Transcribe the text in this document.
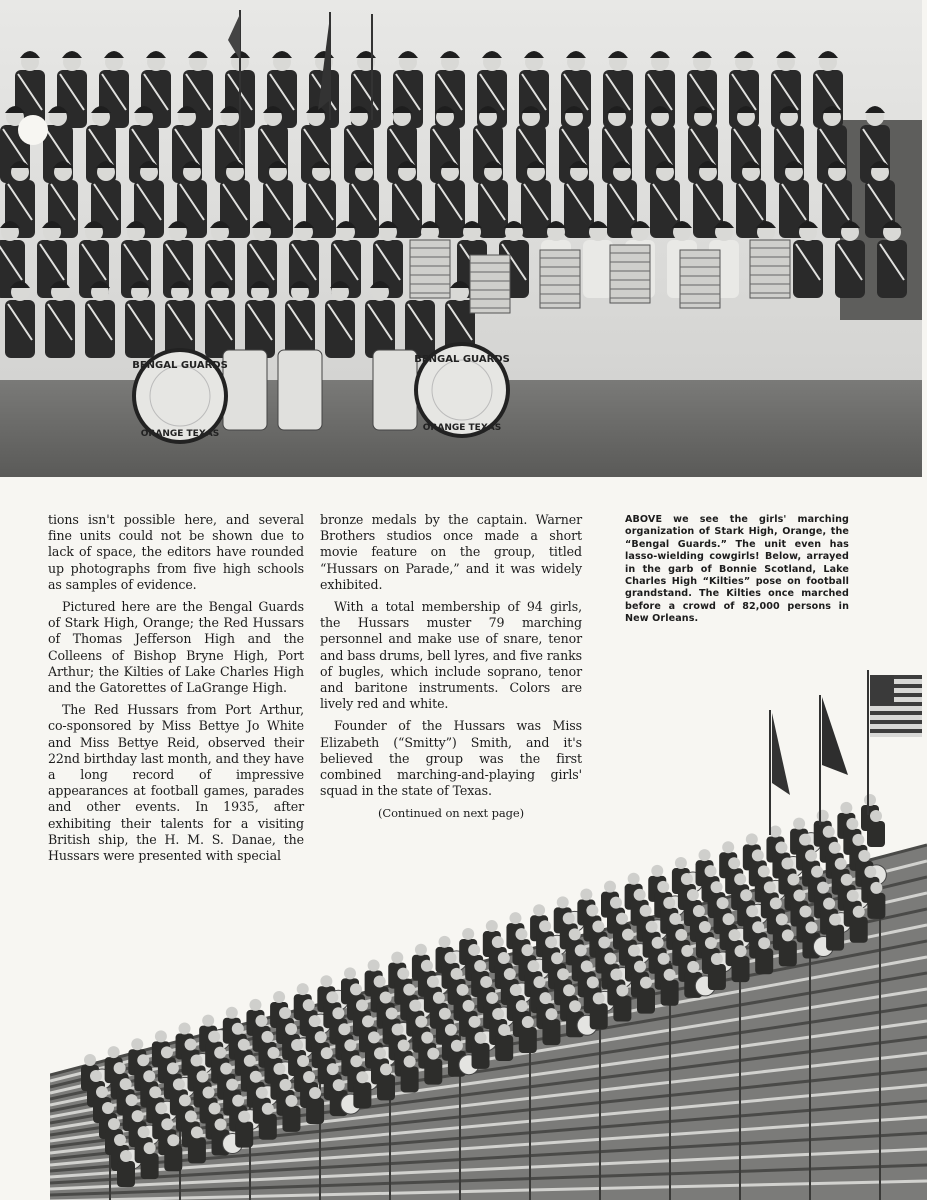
BENGAL GUARDS
ORANGE TEXAS
BENGAL GUARDS
ORANGE TEXAS

tions isn't possible here, and several fine units could not be shown due to lack of space, the editors have rounded up photographs from five high schools as samples of evidence.

Pictured here are the Bengal Guards of Stark High, Orange; the Red Hussars of Thomas Jefferson High and the Colleens of Bishop Bryne High, Port Arthur; the Kilties of Lake Charles High and the Gatorettes of LaGrange High.

The Red Hussars from Port Arthur, co-sponsored by Miss Bettye Jo White and Miss Bettye Reid, observed their 22nd birthday last month, and they have a long record of impressive appearances at football games, parades and other events. In 1935, after exhibiting their talents for a visiting British ship, the H. M. S. Danae, the Hussars were presented with special

bronze medals by the captain. Warner Brothers studios once made a short movie feature on the group, titled “Hussars on Parade,” and it was widely exhibited.

With a total membership of 94 girls, the Hussars muster 79 marching personnel and make use of snare, tenor and bass drums, bell lyres, and five ranks of bugles, which include soprano, tenor and baritone instruments. Colors are lively red and white.

Founder of the Hussars was Miss Elizabeth (“Smitty”) Smith, and it's believed the group was the first combined marching-and-playing girls' squad in the state of Texas.

(Continued on next page)

ABOVE we see the girls' marching organization of Stark High, Orange, the “Bengal Guards.” The unit even has lasso-wielding cowgirls! Below, arrayed in the garb of Bonnie Scotland, Lake Charles High “Kilties” pose on football grandstand. The Kilties once marched before a crowd of 82,000 persons in New Orleans.
